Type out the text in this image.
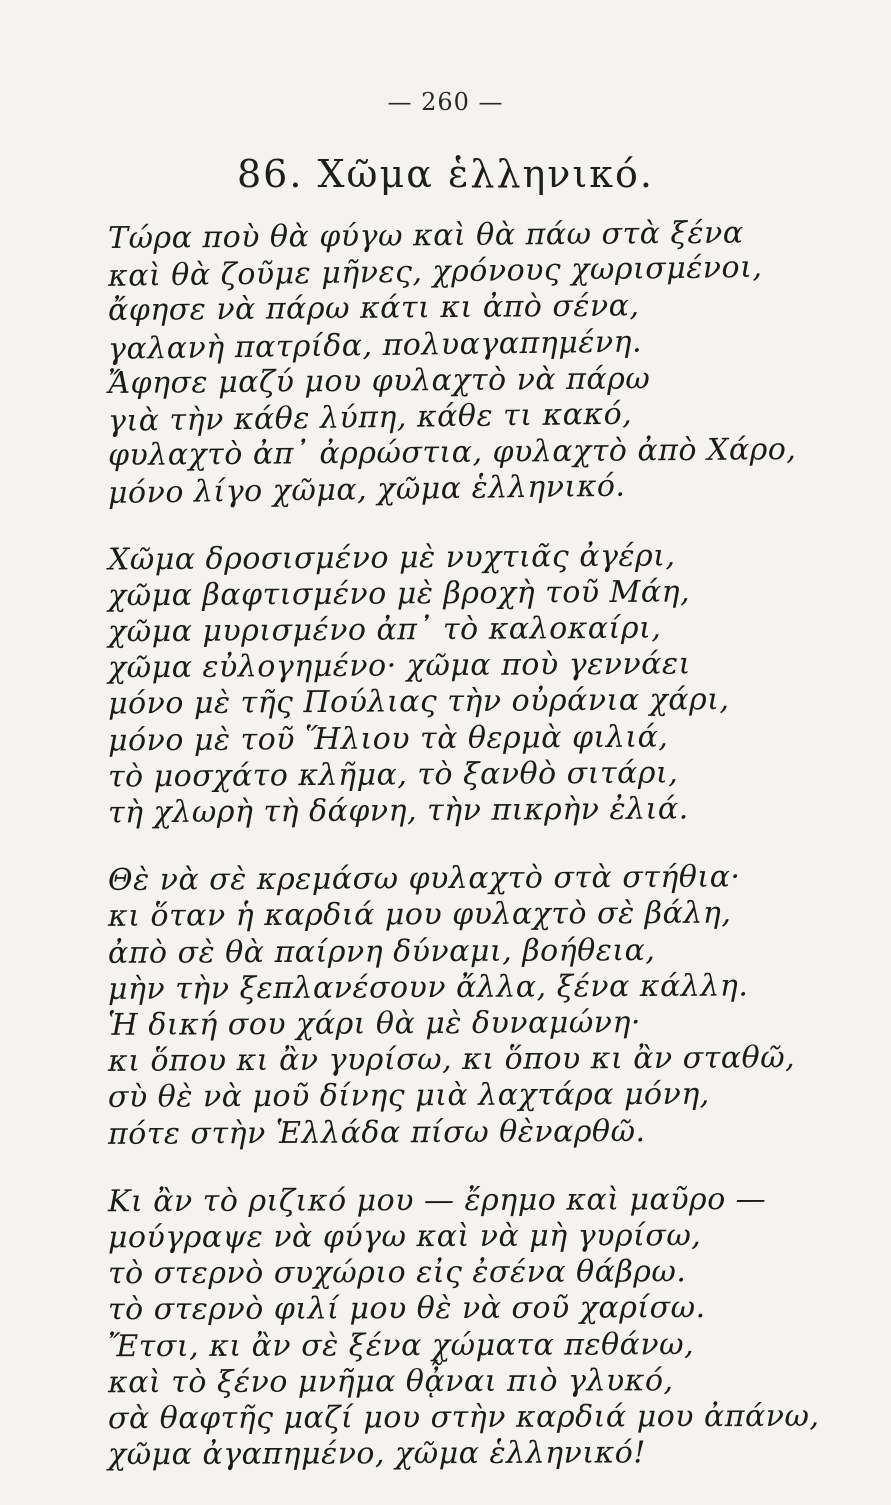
— 260 —
86. Χῶμα ἑλληνικό.
Τώρα ποὺ θὰ φύγω καὶ θὰ πάω στὰ ξένα
καὶ θὰ ζοῦμε μῆνες, χρόνους χωρισμένοι,
ἄφησε νὰ πάρω κάτι κι ἀπὸ σένα,
γαλανὴ πατρίδα, πολυαγαπημένη.
Ἄφησε μαζύ μου φυλαχτὸ νὰ πάρω
γιὰ τὴν κάθε λύπη, κάθε τι κακό,
φυλαχτὸ ἀπ᾽ ἀρρώστια, φυλαχτὸ ἀπὸ Χάρο,
μόνο λίγο χῶμα, χῶμα ἑλληνικό.
Χῶμα δροσισμένο μὲ νυχτιᾶς ἀγέρι,
χῶμα βαφτισμένο μὲ βροχὴ τοῦ Μάη,
χῶμα μυρισμένο ἀπ᾽ τὸ καλοκαίρι,
χῶμα εὐλογημένο· χῶμα ποὺ γεννάει
μόνο μὲ τῆς Πούλιας τὴν οὐράνια χάρι,
μόνο μὲ τοῦ Ἥλιου τὰ θερμὰ φιλιά,
τὸ μοσχάτο κλῆμα, τὸ ξανθὸ σιτάρι,
τὴ χλωρὴ τὴ δάφνη, τὴν πικρὴν ἐλιά.
Θὲ νὰ σὲ κρεμάσω φυλαχτὸ στὰ στήθια·
κι ὅταν ἡ καρδιά μου φυλαχτὸ σὲ βάλη,
ἀπὸ σὲ θὰ παίρνη δύναμι, βοήθεια,
μὴν τὴν ξεπλανέσουν ἄλλα, ξένα κάλλη.
Ἡ δική σου χάρι θὰ μὲ δυναμώνη·
κι ὅπου κι ἂν γυρίσω, κι ὅπου κι ἂν σταθῶ,
σὺ θὲ νὰ μοῦ δίνης μιὰ λαχτάρα μόνη,
πότε στὴν Ἑλλάδα πίσω θὲναρθῶ.
Κι ἂν τὸ ριζικό μου — ἔρημο καὶ μαῦρο —
μούγραψε νὰ φύγω καὶ νὰ μὴ γυρίσω,
τὸ στερνὸ συχώριο εἰς ἐσένα θάβρω.
τὸ στερνὸ φιλί μου θὲ νὰ σοῦ χαρίσω.
Ἔτσι, κι ἂν σὲ ξένα χώματα πεθάνω,
καὶ τὸ ξένο μνῆμα θᾆναι πιὸ γλυκό,
σὰ θαφτῆς μαζί μου στὴν καρδιά μου ἀπάνω,
χῶμα ἀγαπημένο, χῶμα ἑλληνικό!
